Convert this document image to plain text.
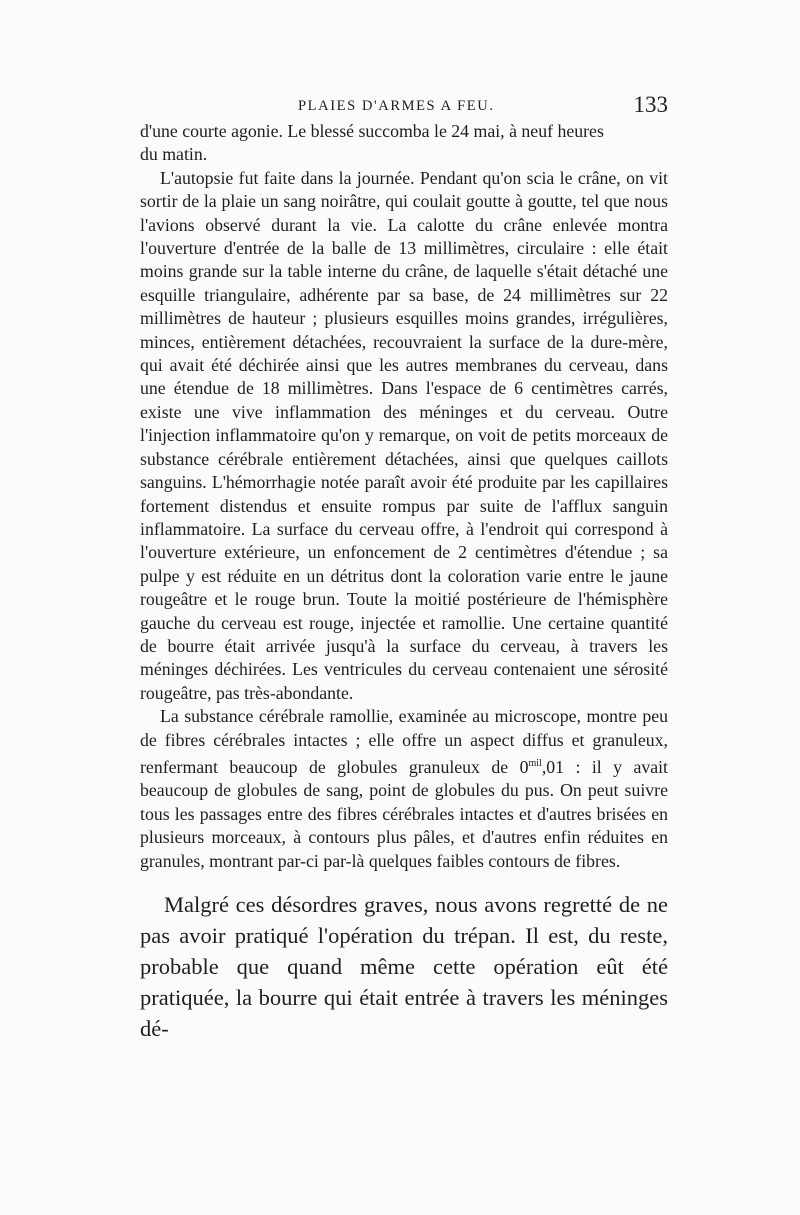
PLAIES D'ARMES A FEU.	133

d'une courte agonie. Le blessé succomba le 24 mai, à neuf heures
du matin.

L'autopsie fut faite dans la journée. Pendant qu'on scia le crâne, on vit sortir de la plaie un sang noirâtre, qui coulait goutte à goutte, tel que nous l'avions observé durant la vie. La calotte du crâne enlevée montra l'ouverture d'entrée de la balle de 13 millimètres, circulaire : elle était moins grande sur la table interne du crâne, de laquelle s'était détaché une esquille triangulaire, adhérente par sa base, de 24 millimètres sur 22 millimètres de hauteur ; plusieurs esquilles moins grandes, irrégulières, minces, entièrement détachées, recouvraient la surface de la dure-mère, qui avait été déchirée ainsi que les autres membranes du cerveau, dans une étendue de 18 millimètres. Dans l'espace de 6 centimètres carrés, existe une vive inflammation des méninges et du cerveau. Outre l'injection inflammatoire qu'on y remarque, on voit de petits morceaux de substance cérébrale entièrement détachées, ainsi que quelques caillots sanguins. L'hémorrhagie notée paraît avoir été produite par les capillaires fortement distendus et ensuite rompus par suite de l'afflux sanguin inflammatoire. La surface du cerveau offre, à l'endroit qui correspond à l'ouverture extérieure, un enfoncement de 2 centimètres d'étendue ; sa pulpe y est réduite en un détritus dont la coloration varie entre le jaune rougeâtre et le rouge brun. Toute la moitié postérieure de l'hémisphère gauche du cerveau est rouge, injectée et ramollie. Une certaine quantité de bourre était arrivée jusqu'à la surface du cerveau, à travers les méninges déchirées. Les ventricules du cerveau contenaient une sérosité rougeâtre, pas très-abondante.

La substance cérébrale ramollie, examinée au microscope, montre peu de fibres cérébrales intactes ; elle offre un aspect diffus et granuleux, renfermant beaucoup de globules granuleux de $0^{mil},01$ : il y avait beaucoup de globules de sang, point de globules du pus. On peut suivre tous les passages entre des fibres cérébrales intactes et d'autres brisées en plusieurs morceaux, à contours plus pâles, et d'autres enfin réduites en granules, montrant par-ci par-là quelques faibles contours de fibres.

Malgré ces désordres graves, nous avons regretté de ne pas avoir pratiqué l'opération du trépan. Il est, du reste, probable que quand même cette opération eût été pratiquée, la bourre qui était entrée à travers les méninges dé-
